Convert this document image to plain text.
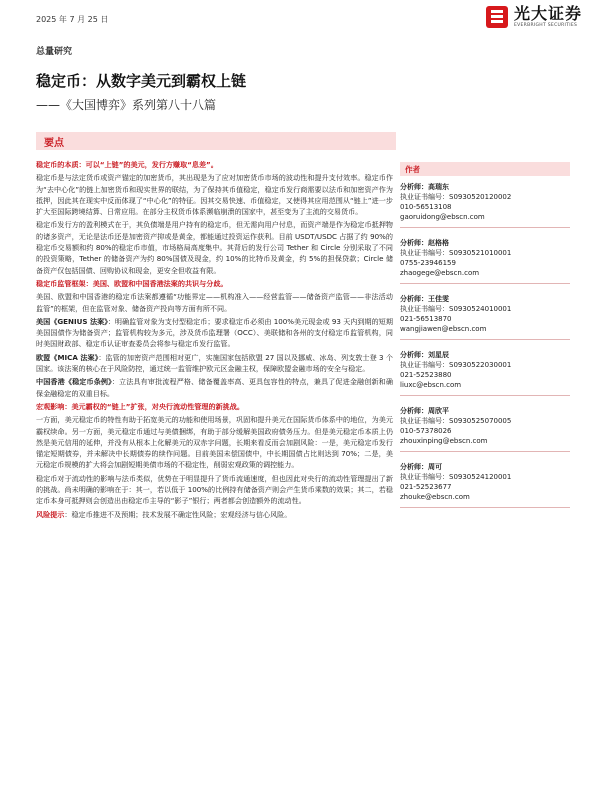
2025 年 7 月 25 日	光大证券
EVERBRIGHT SECURITIES
总量研究
稳定币：从数字美元到霸权上链
——《大国博弈》系列第八十八篇
要点

稳定币的本质：可以“上链”的美元，发行方赚取“息差”。

稳定币是与法定货币或资产锚定的加密货币，其出现是为了应对加密货币市场的波动性和提升支付效率。稳定币作为“去中心化”的链上加密货币和现实世界的联结，为了保持其币值稳定，稳定币发行商需要以法币和加密资产作为抵押，因此其在现实中反而体现了“中心化”的特征。因其交易快速、币值稳定，又使得其应用范围从“链上”进一步扩大至国际跨境结算、日常应用。在部分主权货币体系濒临崩溃的国家中，甚至变为了主流的交易货币。

稳定币发行方的盈利模式在于，其负债端是用户持有的稳定币，但无需向用户付息，而资产端是作为稳定币抵押物的诸多资产，无论是法币还是加密资产抑或是黄金，都能通过投资运作获利。目前 USDT/USDC 占据了约 90%的稳定币交易额和约 80%的稳定币市值，市场格局高度集中。其背后的发行公司 Tether 和 Circle 分别采取了不同的投资策略，Tether 的储备资产为约 80%国债及现金，约 10%的比特币及黄金，约 5%的担保贷款；Circle 储备资产仅包括国债、回购协议和现金，更安全但收益有限。

稳定币监管框架：美国、欧盟和中国香港法案的共识与分歧。

美国、欧盟和中国香港的稳定币法案都遵循“功能界定——机构准入——经营监管——储备资产监管——非法活动监管”的框架，但在监管对象、储备资产投向等方面有所不同。

美国《GENIUS 法案》：明确监管对象为支付型稳定币；要求稳定币必须由 100%美元现金或 93 天内到期的短期美国国债作为储备资产；监管机构较为多元，涉及货币监理署（OCC）、美联储和各州的支付稳定币监管机构，同时美国财政部、稳定币认证审查委员会将参与稳定币发行监管。

欧盟《MICA 法案》：监管的加密资产范围相对更广，实施国家包括欧盟 27 国以及挪威、冰岛、列支敦士登 3 个国家。该法案的核心在于风险防控，通过统一监管维护欧元区金融主权，保障欧盟金融市场的安全与稳定。

中国香港《稳定币条例》：立法具有审批流程严格、储备覆盖率高、更具包容性的特点，兼具了促进金融创新和确保金融稳定的双重目标。

宏观影响：美元霸权的“链上”扩张，对央行流动性管理的新挑战。

一方面，美元稳定币的特性有助于拓宽美元的功能和使用场景，巩固和提升美元在国际货币体系中的地位，为美元霸权续命。另一方面，美元稳定币通过与美债捆绑，有助于部分缓解美国政府债务压力。但是美元稳定币本质上仍然是美元信用的延伸，并没有从根本上化解美元的双赤字问题，长期来看反而会加剧风险：一是，美元稳定币发行锚定短期债券，并未解决中长期债券的续作问题。目前美国未偿国债中，中长期国债占比则达到 70%；二是，美元稳定币规模的扩大将会加剧短期美债市场的不稳定性，削弱宏观政策的调控能力。

稳定币对于流动性的影响与法币类似，优势在于明显提升了货币流通速度，但也因此对央行的流动性管理提出了新的挑战。尚未明确的影响在于：其一，若以低于 100%的比例持有储备资产则会产生货币乘数的效果；其二，若稳定币本身可抵押则会创造出由稳定币主导的“影子”银行；两者都会创造额外的流动性。

风险提示：稳定币推进不及预期；技术发展不确定性风险；宏观经济与信心风险。

作者
分析师：高瑞东
执业证书编号：S0930520120002
010-56513108
gaoruidong@ebscn.com
分析师：赵格格
执业证书编号：S0930521010001
0755-23946159
zhaogege@ebscn.com
分析师：王佳雯
执业证书编号：S0930524010001
021-56513870
wangjiawen@ebscn.com
分析师：刘星辰
执业证书编号：S0930522030001
021-52523880
liuxc@ebscn.com
分析师：周欣平
执业证书编号：S0930525070005
010-57378026
zhouxinping@ebscn.com
分析师：周可
执业证书编号：S0930524120001
021-52523677
zhouke@ebscn.com
